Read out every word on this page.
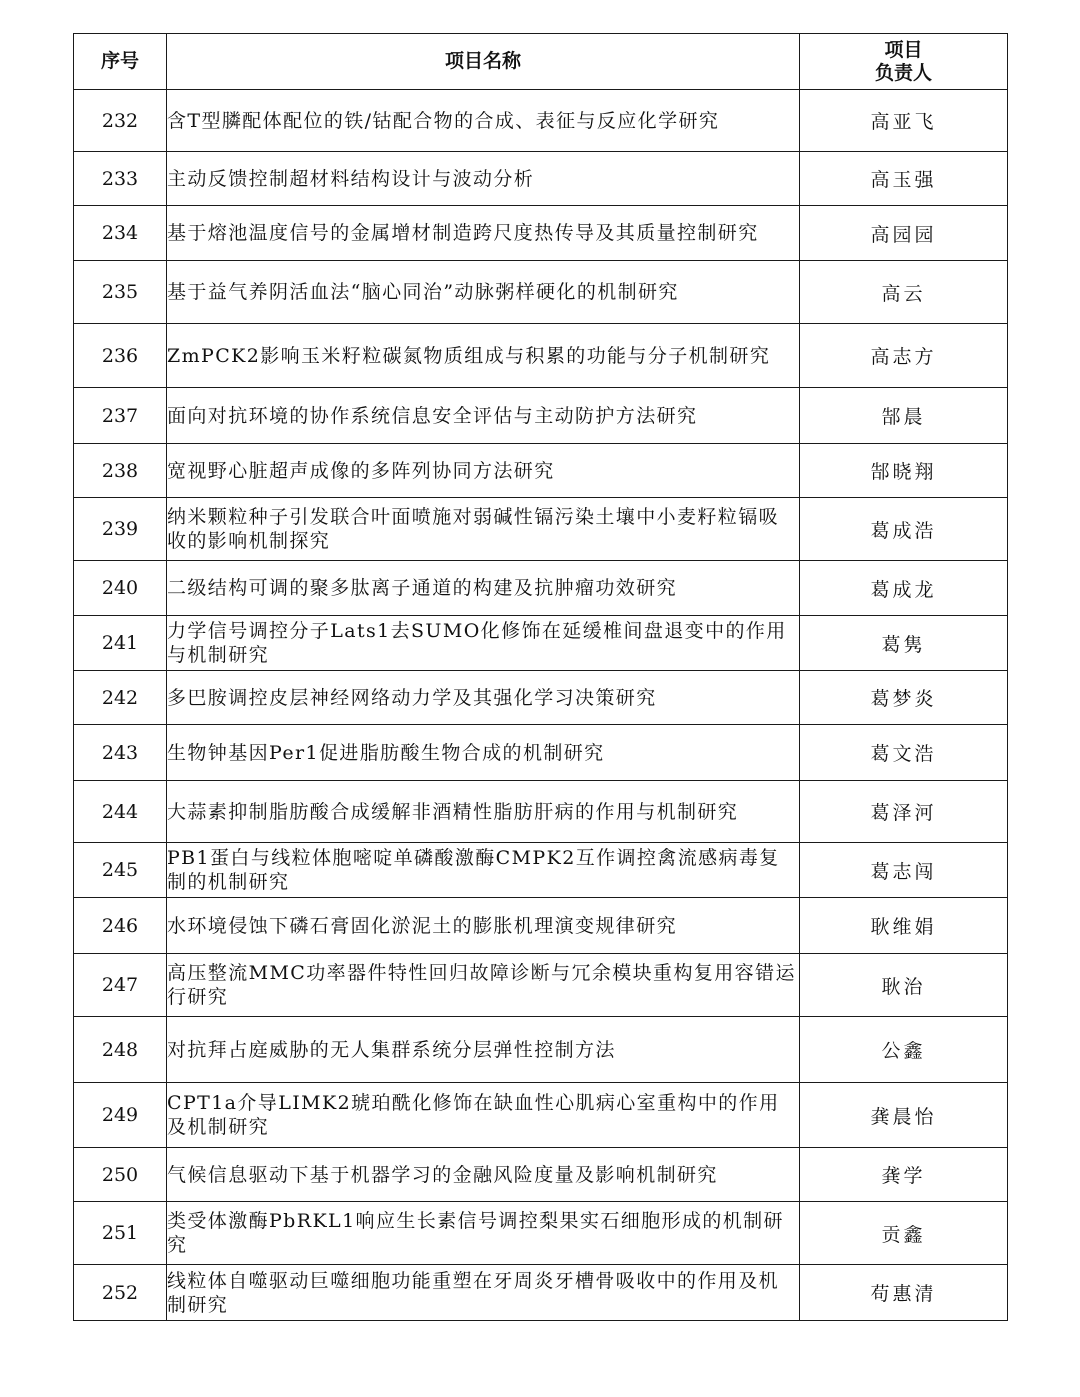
序号	项目名称	项目
负责人

232	含T型膦配体配位的铁/钴配合物的合成、表征与反应化学研究	高亚飞
233	主动反馈控制超材料结构设计与波动分析	高玉强
234	基于熔池温度信号的金属增材制造跨尺度热传导及其质量控制研究	高园园
235	基于益气养阴活血法“脑心同治”动脉粥样硬化的机制研究	高云
236	ZmPCK2影响玉米籽粒碳氮物质组成与积累的功能与分子机制研究	高志方
237	面向对抗环境的协作系统信息安全评估与主动防护方法研究	郜晨
238	宽视野心脏超声成像的多阵列协同方法研究	郜晓翔
239	纳米颗粒种子引发联合叶面喷施对弱碱性镉污染土壤中小麦籽粒镉吸收的影响机制探究	葛成浩
240	二级结构可调的聚多肽离子通道的构建及抗肿瘤功效研究	葛成龙
241	力学信号调控分子Lats1去SUMO化修饰在延缓椎间盘退变中的作用与机制研究	葛隽
242	多巴胺调控皮层神经网络动力学及其强化学习决策研究	葛梦炎
243	生物钟基因Per1促进脂肪酸生物合成的机制研究	葛文浩
244	大蒜素抑制脂肪酸合成缓解非酒精性脂肪肝病的作用与机制研究	葛泽河
245	PB1蛋白与线粒体胞嘧啶单磷酸激酶CMPK2互作调控禽流感病毒复制的机制研究	葛志闯
246	水环境侵蚀下磷石膏固化淤泥土的膨胀机理演变规律研究	耿维娟
247	高压整流MMC功率器件特性回归故障诊断与冗余模块重构复用容错运行研究	耿治
248	对抗拜占庭威胁的无人集群系统分层弹性控制方法	公鑫
249	CPT1a介导LIMK2琥珀酰化修饰在缺血性心肌病心室重构中的作用及机制研究	龚晨怡
250	气候信息驱动下基于机器学习的金融风险度量及影响机制研究	龚学
251	类受体激酶PbRKL1响应生长素信号调控梨果实石细胞形成的机制研究	贡鑫
252	线粒体自噬驱动巨噬细胞功能重塑在牙周炎牙槽骨吸收中的作用及机制研究	苟惠清
